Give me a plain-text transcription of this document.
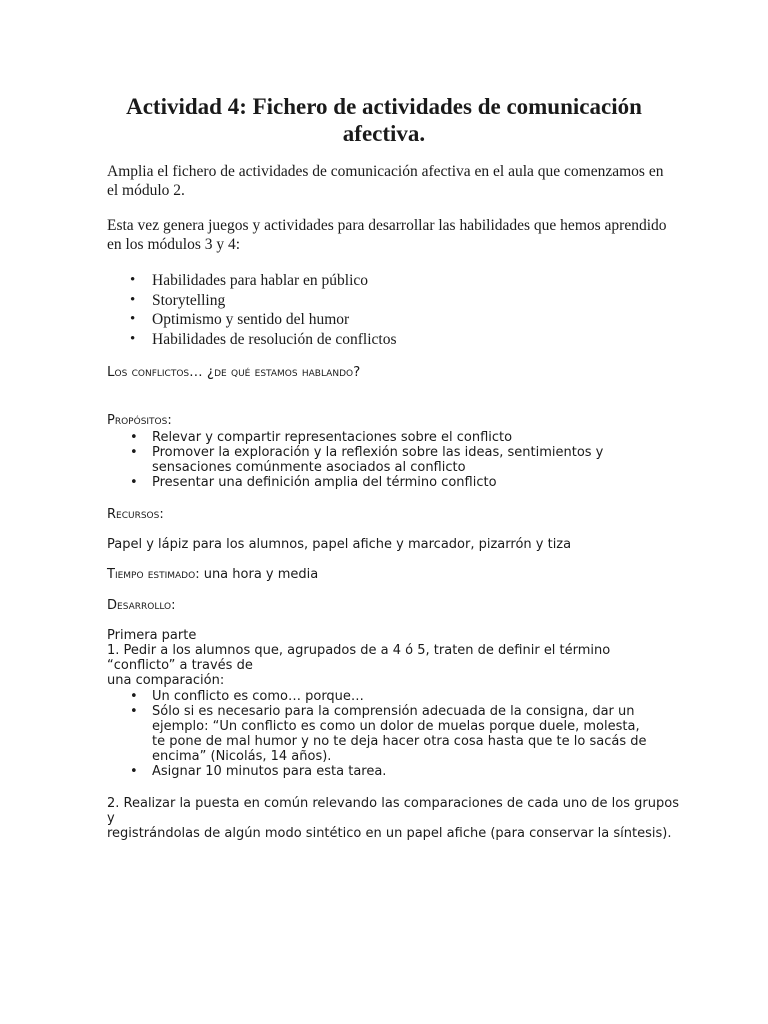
Actividad 4: Fichero de actividades de comunicación afectiva.

Amplia el fichero de actividades de comunicación afectiva en el aula que comenzamos en el módulo 2.

Esta vez genera juegos y actividades para desarrollar las habilidades que hemos aprendido en los módulos 3 y 4:

• Habilidades para hablar en público
• Storytelling
• Optimismo y sentido del humor
• Habilidades de resolución de conflictos

Los conflictos… ¿de qué estamos hablando?

Propósitos:

• Relevar y compartir representaciones sobre el conflicto
• Promover la exploración y la reflexión sobre las ideas, sentimientos y sensaciones comúnmente asociados al conflicto
• Presentar una definición amplia del término conflicto

Recursos:

Papel y lápiz para los alumnos, papel afiche y marcador, pizarrón y tiza

Tiempo estimado: una hora y media

Desarrollo:

Primera parte
1. Pedir a los alumnos que, agrupados de a 4 ó 5, traten de definir el término
“conflicto” a través de
una comparación:

• Un conflicto es como… porque…
• Sólo si es necesario para la comprensión adecuada de la consigna, dar un ejemplo: “Un conflicto es como un dolor de muelas porque duele, molesta, te pone de mal humor y no te deja hacer otra cosa hasta que te lo sacás de encima” (Nicolás, 14 años).
• Asignar 10 minutos para esta tarea.

2. Realizar la puesta en común relevando las comparaciones de cada uno de los grupos
y
registrándolas de algún modo sintético en un papel afiche (para conservar la síntesis).
